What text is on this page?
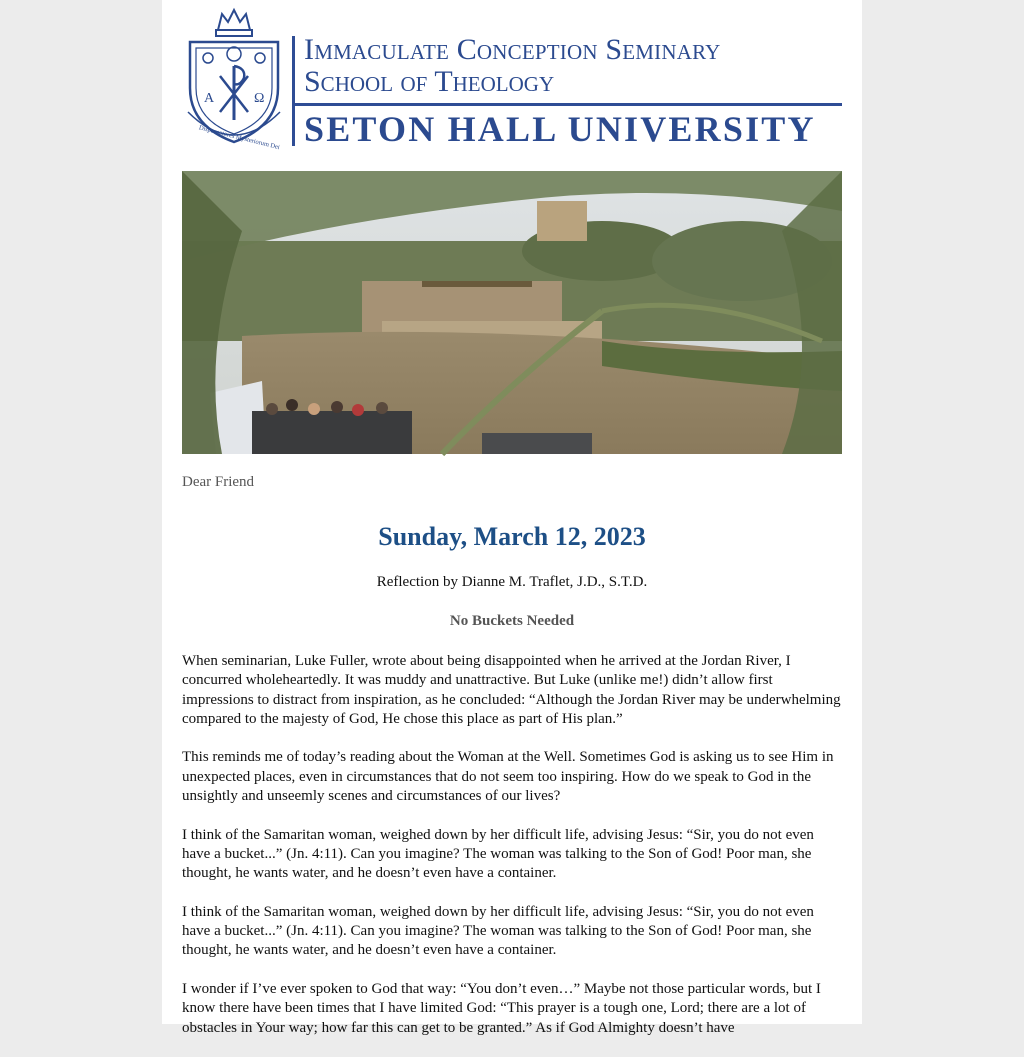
A	Ω
Dispensatores Mysteriorum Dei
Immaculate Conception Seminary
School of Theology
SETON HALL UNIVERSITY
Dear Friend
Sunday, March 12, 2023
Reflection by Dianne M. Traflet, J.D., S.T.D.
No Buckets Needed

When seminarian, Luke Fuller, wrote about being disappointed when he arrived at the Jordan River, I concurred wholeheartedly. It was muddy and unattractive. But Luke (unlike me!) didn’t allow first impressions to distract from inspiration, as he concluded: “Although the Jordan River may be underwhelming compared to the majesty of God, He chose this place as part of His plan.”

This reminds me of today’s reading about the Woman at the Well. Sometimes God is asking us to see Him in unexpected places, even in circumstances that do not seem too inspiring. How do we speak to God in the unsightly and unseemly scenes and circumstances of our lives?

I think of the Samaritan woman, weighed down by her difficult life, advising Jesus: “Sir, you do not even have a bucket...” (Jn. 4:11). Can you imagine? The woman was talking to the Son of God! Poor man, she thought, he wants water, and he doesn’t even have a container.

I think of the Samaritan woman, weighed down by her difficult life, advising Jesus: “Sir, you do not even have a bucket...” (Jn. 4:11). Can you imagine? The woman was talking to the Son of God! Poor man, she thought, he wants water, and he doesn’t even have a container.

I wonder if I’ve ever spoken to God that way: “You don’t even…” Maybe not those particular words, but I know there have been times that I have limited God: “This prayer is a tough one, Lord; there are a lot of obstacles in Your way; how far this can get to be granted.” As if God Almighty doesn’t have
